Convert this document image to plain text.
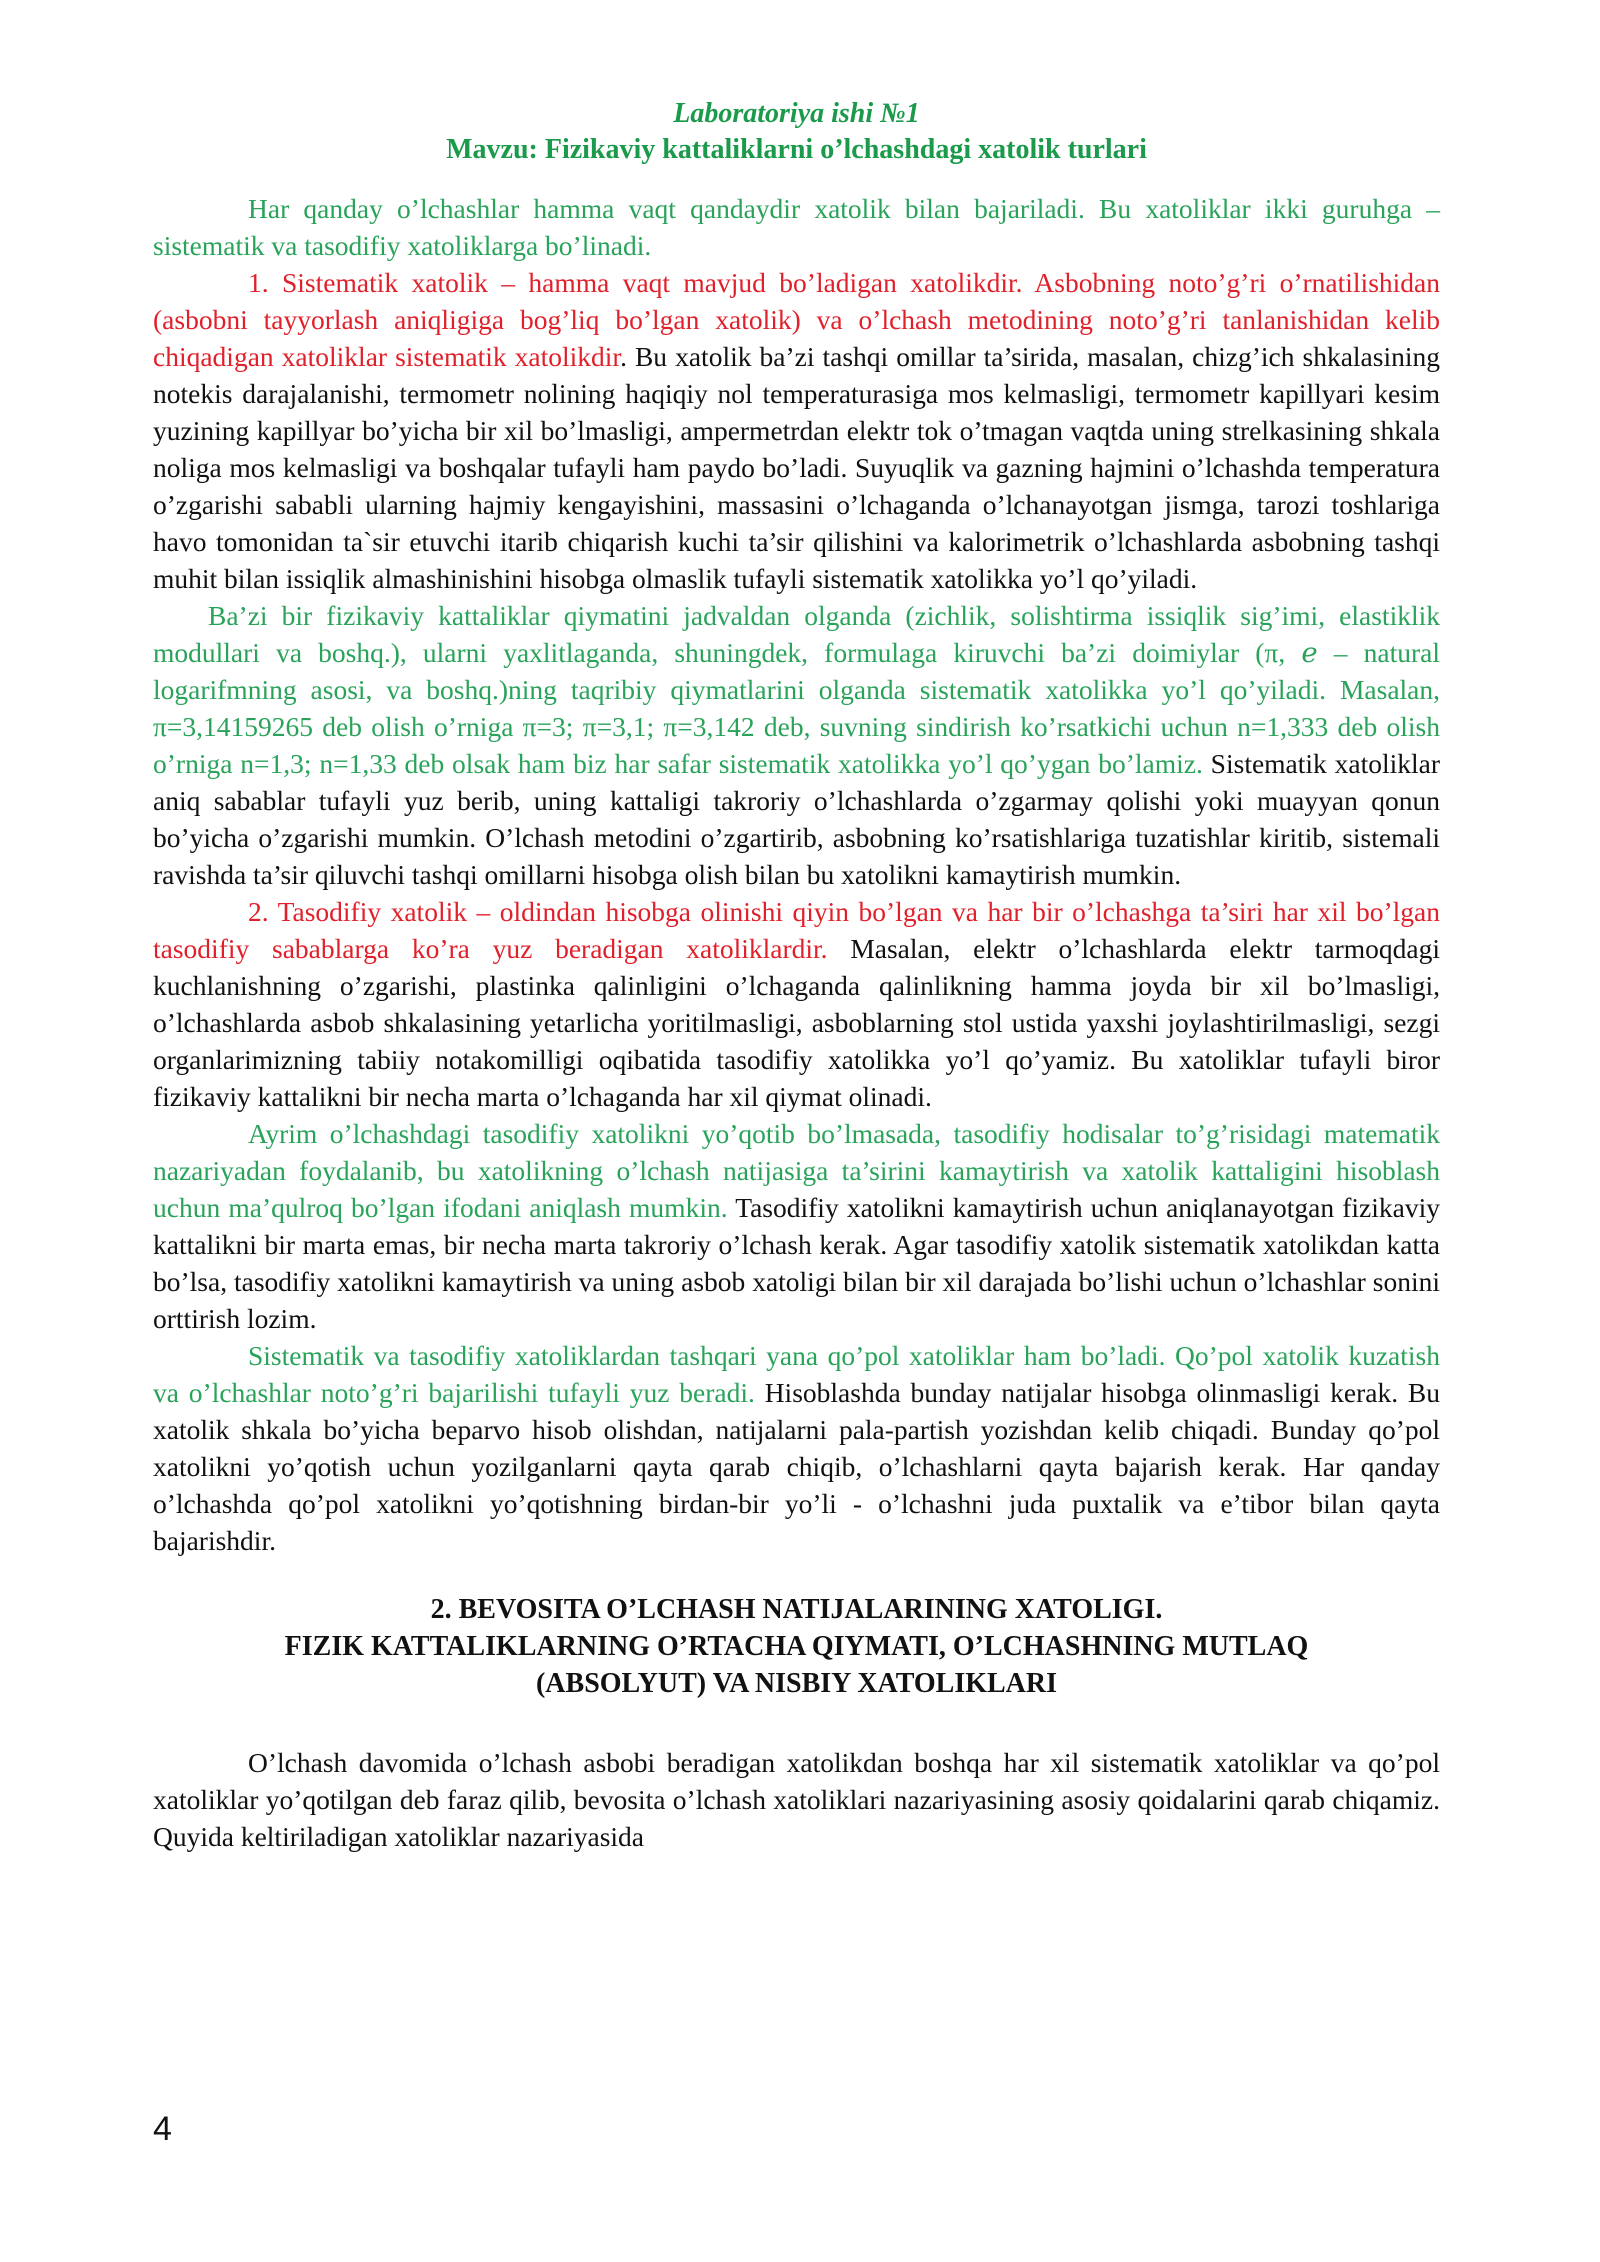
Laboratoriya ishi №1
Mavzu: Fizikaviy kattaliklarni o’lchashdagi xatolik turlari

Har qanday o’lchashlar hamma vaqt qandaydir xatolik bilan bajariladi. Bu xatoliklar ikki guruhga – sistematik va tasodifiy xatoliklarga bo’linadi.

1. Sistematik xatolik – hamma vaqt mavjud bo’ladigan xatolikdir. Asbobning noto’g’ri o’rnatilishidan (asbobni tayyorlash aniqligiga bog’liq bo’lgan xatolik) va o’lchash metodining noto’g’ri tanlanishidan kelib chiqadigan xatoliklar sistematik xatolikdir. Bu xatolik ba’zi tashqi omillar ta’sirida, masalan, chizg’ich shkalasining notekis darajalanishi, termometr nolining haqiqiy nol temperaturasiga mos kelmasligi, termometr kapillyari kesim yuzining kapillyar bo’yicha bir xil bo’lmasligi, ampermetrdan elektr tok o’tmagan vaqtda uning strelkasining shkala noliga mos kelmasligi va boshqalar tufayli ham paydo bo’ladi. Suyuqlik va gazning hajmini o’lchashda temperatura o’zgarishi sababli ularning hajmiy kengayishini, massasini o’lchaganda o’lchanayotgan jismga, tarozi toshlariga havo tomonidan ta`sir etuvchi itarib chiqarish kuchi ta’sir qilishini va kalorimetrik o’lchashlarda asbobning tashqi muhit bilan issiqlik almashinishini hisobga olmaslik tufayli sistematik xatolikka yo’l qo’yiladi.

Ba’zi bir fizikaviy kattaliklar qiymatini jadvaldan olganda (zichlik, solishtirma issiqlik sig’imi, elastiklik modullari va boshq.), ularni yaxlitlaganda, shuningdek, formulaga kiruvchi ba’zi doimiylar (π, ℯ – natural logarifmning asosi, va boshq.)ning taqribiy qiymatlarini olganda sistematik xatolikka yo’l qo’yiladi. Masalan, π=3,14159265 deb olish o’rniga π=3; π=3,1; π=3,142 deb, suvning sindirish ko’rsatkichi uchun n=1,333 deb olish o’rniga n=1,3; n=1,33 deb olsak ham biz har safar sistematik xatolikka yo’l qo’ygan bo’lamiz. Sistematik xatoliklar aniq sabablar tufayli yuz berib, uning kattaligi takroriy o’lchashlarda o’zgarmay qolishi yoki muayyan qonun bo’yicha o’zgarishi mumkin. O’lchash metodini o’zgartirib, asbobning ko’rsatishlariga tuzatishlar kiritib, sistemali ravishda ta’sir qiluvchi tashqi omillarni hisobga olish bilan bu xatolikni kamaytirish mumkin.

2. Tasodifiy xatolik – oldindan hisobga olinishi qiyin bo’lgan va har bir o’lchashga ta’siri har xil bo’lgan tasodifiy sabablarga ko’ra yuz beradigan xatoliklardir. Masalan, elektr o’lchashlarda elektr tarmoqdagi kuchlanishning o’zgarishi, plastinka qalinligini o’lchaganda qalinlikning hamma joyda bir xil bo’lmasligi, o’lchashlarda asbob shkalasining yetarlicha yoritilmasligi, asboblarning stol ustida yaxshi joylashtirilmasligi, sezgi organlarimizning tabiiy notakomilligi oqibatida tasodifiy xatolikka yo’l qo’yamiz. Bu xatoliklar tufayli biror fizikaviy kattalikni bir necha marta o’lchaganda har xil qiymat olinadi.

Ayrim o’lchashdagi tasodifiy xatolikni yo’qotib bo’lmasada, tasodifiy hodisalar to’g’risidagi matematik nazariyadan foydalanib, bu xatolikning o’lchash natijasiga ta’sirini kamaytirish va xatolik kattaligini hisoblash uchun ma’qulroq bo’lgan ifodani aniqlash mumkin. Tasodifiy xatolikni kamaytirish uchun aniqlanayotgan fizikaviy kattalikni bir marta emas, bir necha marta takroriy o’lchash kerak. Agar tasodifiy xatolik sistematik xatolikdan katta bo’lsa, tasodifiy xatolikni kamaytirish va uning asbob xatoligi bilan bir xil darajada bo’lishi uchun o’lchashlar sonini orttirish lozim.

Sistematik va tasodifiy xatoliklardan tashqari yana qo’pol xatoliklar ham bo’ladi. Qo’pol xatolik kuzatish va o’lchashlar noto’g’ri bajarilishi tufayli yuz beradi. Hisoblashda bunday natijalar hisobga olinmasligi kerak. Bu xatolik shkala bo’yicha beparvo hisob olishdan, natijalarni pala-partish yozishdan kelib chiqadi. Bunday qo’pol xatolikni yo’qotish uchun yozilganlarni qayta qarab chiqib, o’lchashlarni qayta bajarish kerak. Har qanday o’lchashda qo’pol xatolikni yo’qotishning birdan-bir yo’li - o’lchashni juda puxtalik va e’tibor bilan qayta bajarishdir.

2. BEVOSITA O’LCHASH NATIJALARINING XATOLIGI.
FIZIK KATTALIKLARNING O’RTACHA QIYMATI, O’LCHASHNING MUTLAQ
(ABSOLYUT) VA NISBIY XATOLIKLARI

O’lchash davomida o’lchash asbobi beradigan xatolikdan boshqa har xil sistematik xatoliklar va qo’pol xatoliklar yo’qotilgan deb faraz qilib, bevosita o’lchash xatoliklari nazariyasining asosiy qoidalarini qarab chiqamiz. Quyida keltiriladigan xatoliklar nazariyasida

4
